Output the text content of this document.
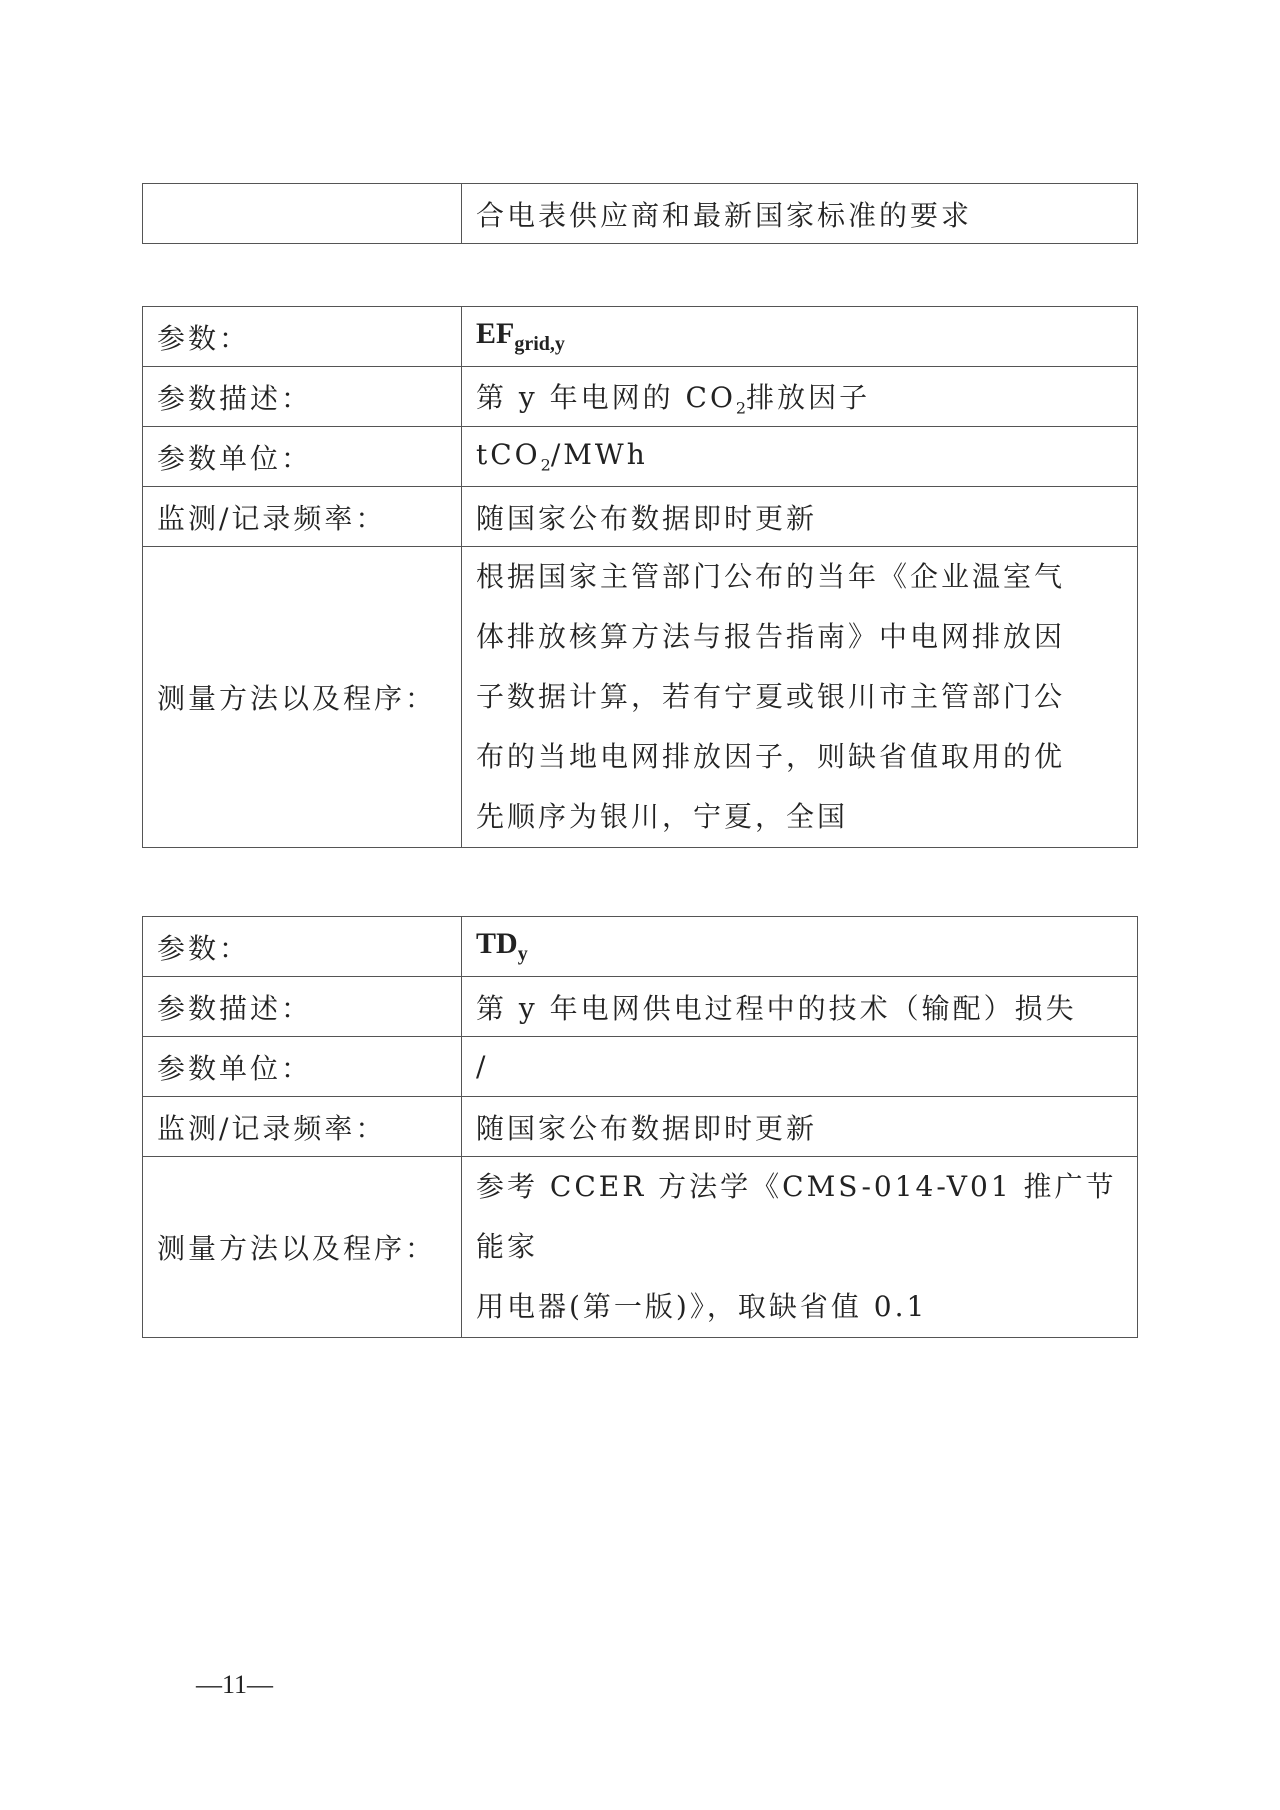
	合电表供应商和最新国家标准的要求
参数：	$EF_{grid,y}$
参数描述：	第 y 年电网的 $CO_2$排放因子
参数单位：	tCO$_2$/MWh
监测/记录频率：	随国家公布数据即时更新
测量方法以及程序：	根据国家主管部门公布的当年《企业温室气
体排放核算方法与报告指南》中电网排放因
子数据计算，若有宁夏或银川市主管部门公
布的当地电网排放因子，则缺省值取用的优
先顺序为银川，宁夏，全国
参数：	$TD_y$
参数描述：	第 y 年电网供电过程中的技术（输配）损失
参数单位：	/
监测/记录频率：	随国家公布数据即时更新
测量方法以及程序：	参考 CCER 方法学《CMS-014-V01 推广节能家
用电器(第一版)》，取缺省值 0.1
—11—
